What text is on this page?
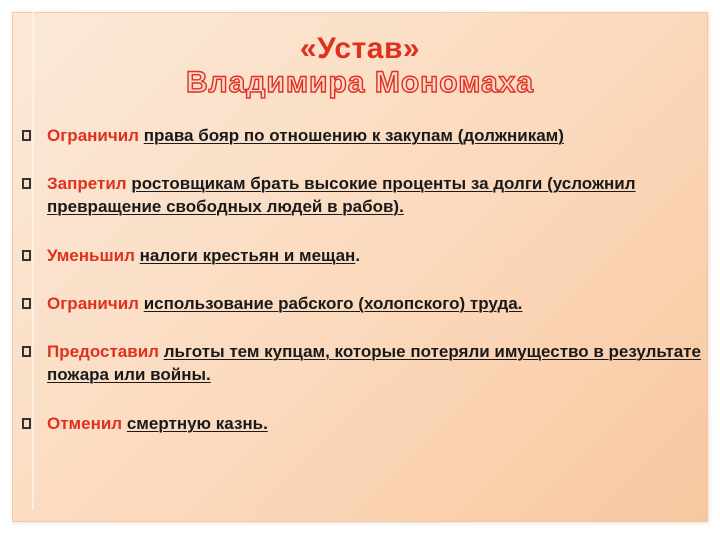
«Устав»
Владимира Мономаха
Ограничил права бояр по отношению к закупам (должникам)
Запретил ростовщикам брать высокие проценты за долги (усложнил превращение свободных людей в рабов).
Уменьшил налоги крестьян и мещан.
Ограничил использование рабского (холопского) труда.
Предоставил льготы тем купцам, которые потеряли имущество в результате пожара или войны.
Отменил смертную казнь.
